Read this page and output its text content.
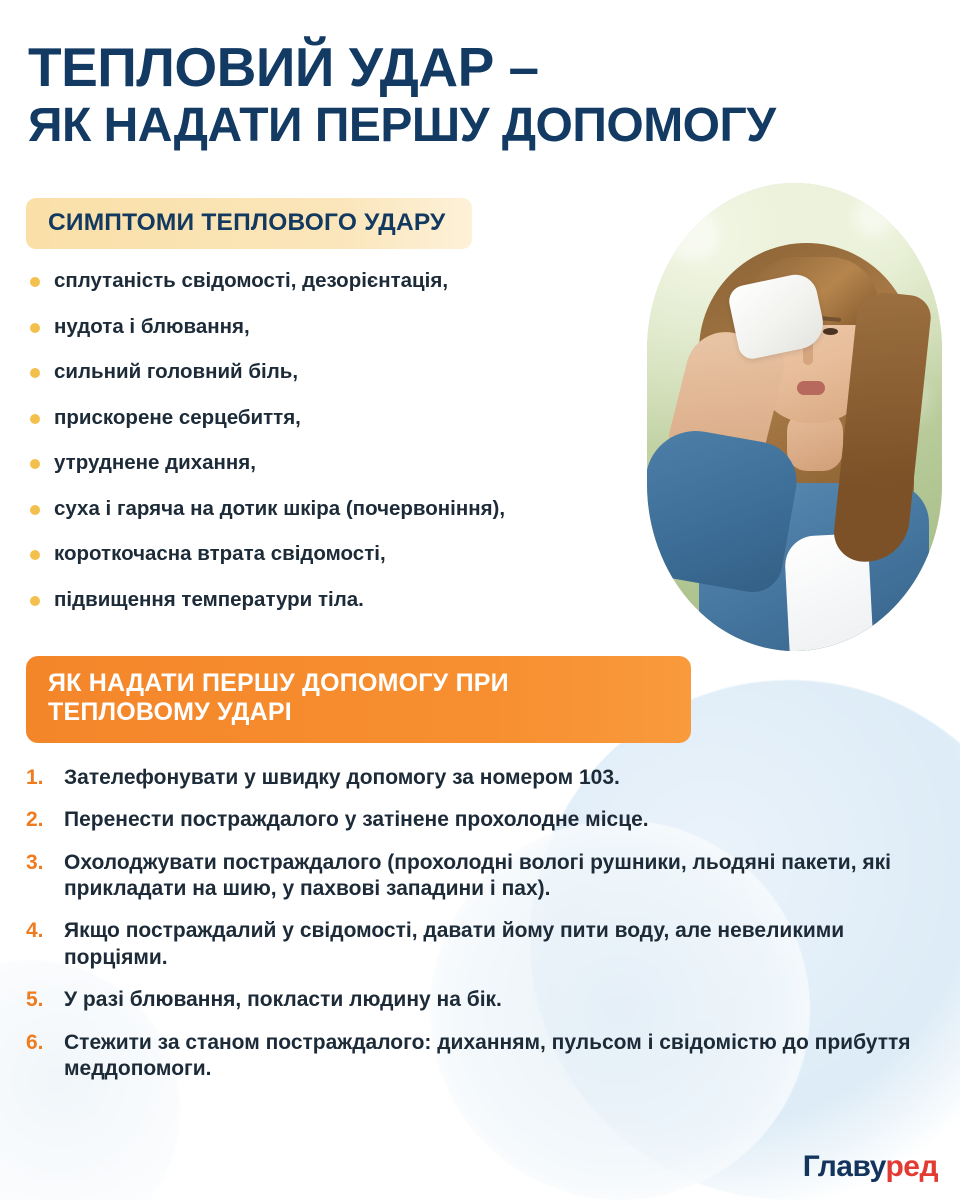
ТЕПЛОВИЙ УДАР –
ЯК НАДАТИ ПЕРШУ ДОПОМОГУ
СИМПТОМИ ТЕПЛОВОГО УДАРУ
сплутаність свідомості, дезорієнтація,
нудота і блювання,
сильний головний біль,
прискорене серцебиття,
утруднене дихання,
суха і гаряча на дотик шкіра (почервоніння),
короткочасна втрата свідомості,
підвищення температури тіла.
ЯК НАДАТИ ПЕРШУ ДОПОМОГУ ПРИ ТЕПЛОВОМУ УДАРІ
1. Зателефонувати у швидку допомогу за номером 103.
2. Перенести постраждалого у затінене прохолодне місце.
3. Охолоджувати постраждалого (прохолодні вологі рушники, льодяні пакети, які прикладати на шию, у пахвові западини і пах).
4. Якщо постраждалий у свідомості, давати йому пити воду, але невеликими порціями.
5. У разі блювання, покласти людину на бік.
6. Стежити за станом постраждалого: диханням, пульсом і свідомістю до прибуття меддопомоги.
Главуред
